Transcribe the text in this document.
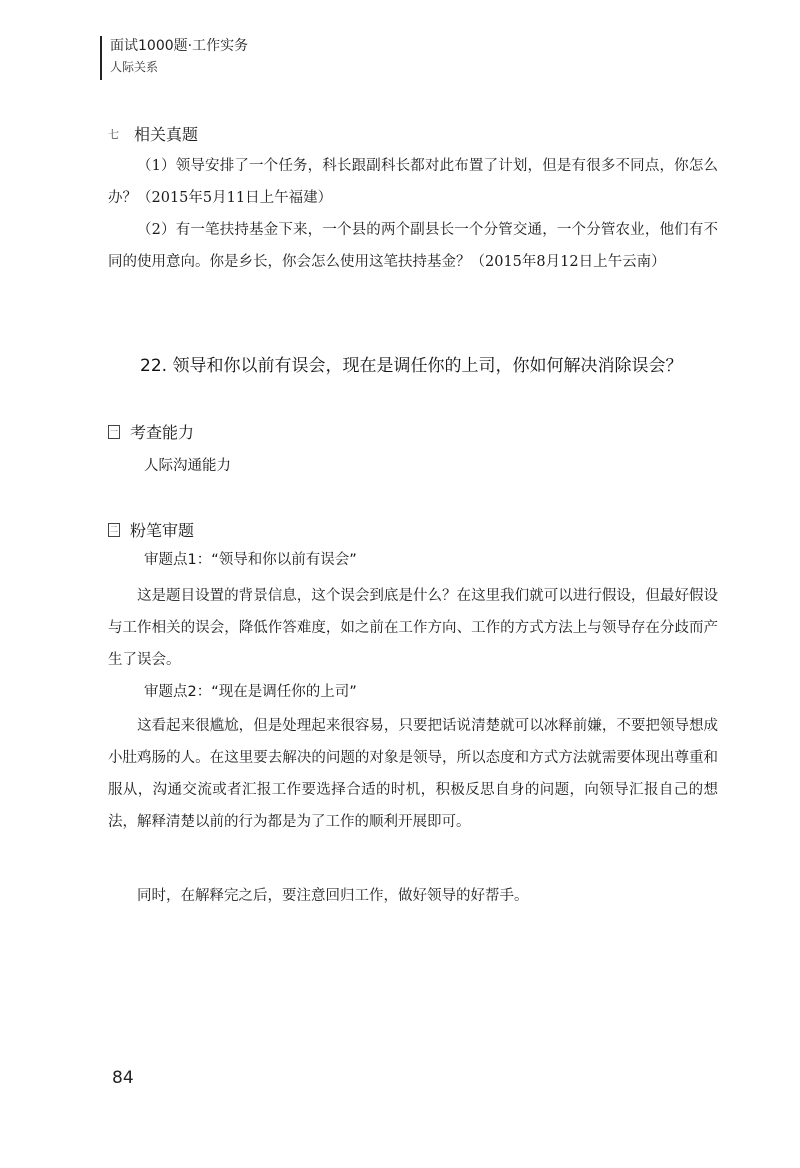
面试1000题·工作实务
人际关系
七 相关真题
（1）领导安排了一个任务，科长跟副科长都对此布置了计划，但是有很多不同点，你怎么办？（2015年5月11日上午福建）
（2）有一笔扶持基金下来，一个县的两个副县长一个分管交通，一个分管农业，他们有不同的使用意向。你是乡长，你会怎么使用这笔扶持基金？（2015年8月12日上午云南）
22. 领导和你以前有误会，现在是调任你的上司，你如何解决消除误会？
一 考查能力
人际沟通能力
二 粉笔审题
审题点1：“领导和你以前有误会”
这是题目设置的背景信息，这个误会到底是什么？在这里我们就可以进行假设，但最好假设与工作相关的误会，降低作答难度，如之前在工作方向、工作的方式方法上与领导存在分歧而产生了误会。
审题点2：“现在是调任你的上司”
这看起来很尴尬，但是处理起来很容易，只要把话说清楚就可以冰释前嫌，不要把领导想成小肚鸡肠的人。在这里要去解决的问题的对象是领导，所以态度和方式方法就需要体现出尊重和服从，沟通交流或者汇报工作要选择合适的时机，积极反思自身的问题，向领导汇报自己的想法，解释清楚以前的行为都是为了工作的顺利开展即可。
同时，在解释完之后，要注意回归工作，做好领导的好帮手。
84
